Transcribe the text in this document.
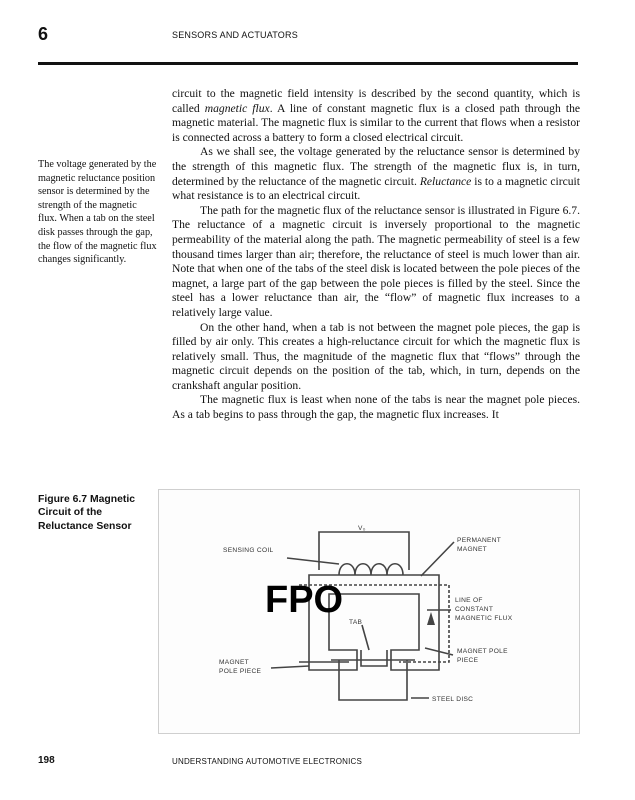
6	SENSORS AND ACTUATORS
The voltage generated by the magnetic reluctance position sensor is determined by the strength of the magnetic flux. When a tab on the steel disk passes through the gap, the flow of the magnetic flux changes significantly.

circuit to the magnetic field intensity is described by the second quantity, which is called magnetic flux. A line of constant magnetic flux is a closed path through the magnetic material. The magnetic flux is similar to the current that flows when a resistor is connected across a battery to form a closed electrical circuit.

As we shall see, the voltage generated by the reluctance sensor is determined by the strength of this magnetic flux. The strength of the magnetic flux is, in turn, determined by the reluctance of the magnetic circuit. Reluctance is to a magnetic circuit what resistance is to an electrical circuit.

The path for the magnetic flux of the reluctance sensor is illustrated in Figure 6.7. The reluctance of a magnetic circuit is inversely proportional to the magnetic permeability of the material along the path. The magnetic permeability of steel is a few thousand times larger than air; therefore, the reluctance of steel is much lower than air. Note that when one of the tabs of the steel disk is located between the pole pieces of the magnet, a large part of the gap between the pole pieces is filled by the steel. Since the steel has a lower reluctance than air, the “flow” of magnetic flux increases to a relatively large value.

On the other hand, when a tab is not between the magnet pole pieces, the gap is filled by air only. This creates a high-reluctance circuit for which the magnetic flux is relatively small. Thus, the magnitude of the magnetic flux that “flows” through the magnetic circuit depends on the position of the tab, which, in turn, depends on the crankshaft angular position.

The magnetic flux is least when none of the tabs is near the magnet pole pieces. As a tab begins to pass through the gap, the magnetic flux increases. It

Figure 6.7 Magnetic Circuit of the Reluctance Sensor	V₀
SENSING COIL
PERMANENT
MAGNET
LINE OF
CONSTANT
MAGNETIC FLUX
TAB
MAGNET POLE
PIECE
MAGNET
POLE PIECE
STEEL DISC
FPO
198	UNDERSTANDING AUTOMOTIVE ELECTRONICS
